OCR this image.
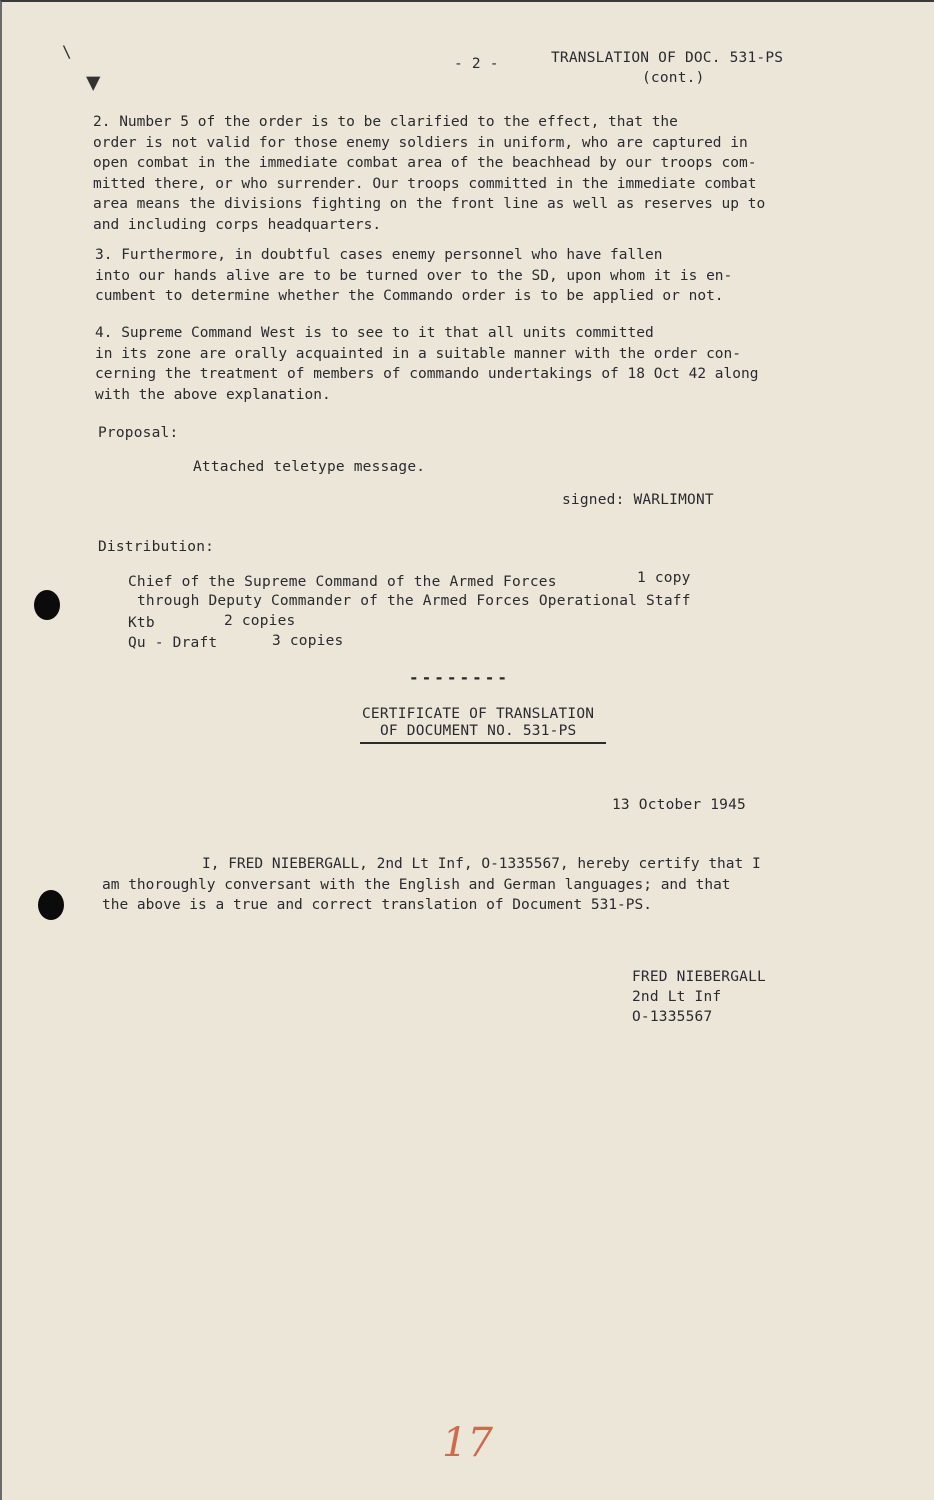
\
▼
- 2 -	TRANSLATION OF DOC. 531-PS
(cont.)
2. Number 5 of the order is to be clarified to the effect, that the
order is not valid for those enemy soldiers in uniform, who are captured in
open combat in the immediate combat area of the beachhead by our troops com-
mitted there, or who surrender. Our troops committed in the immediate combat
area means the divisions fighting on the front line as well as reserves up to
and including corps headquarters.
3. Furthermore, in doubtful cases enemy personnel who have fallen
into our hands alive are to be turned over to the SD, upon whom it is en-
cumbent to determine whether the Commando order is to be applied or not.
4. Supreme Command West is to see to it that all units committed
in its zone are orally acquainted in a suitable manner with the order con-
cerning the treatment of members of commando undertakings of 18 Oct 42 along
with the above explanation.
Proposal:
Attached teletype message.
signed: WARLIMONT
Distribution:
Chief of the Supreme Command of the Armed Forces	1 copy
through Deputy Commander of the Armed Forces Operational Staff
Ktb	2 copies
Qu - Draft	3 copies
--------
CERTIFICATE OF TRANSLATION
OF DOCUMENT NO. 531-PS
13 October 1945
I, FRED NIEBERGALL, 2nd Lt Inf, O-1335567, hereby certify that I
am thoroughly conversant with the English and German languages; and that
the above is a true and correct translation of Document 531-PS.
FRED NIEBERGALL
2nd Lt Inf
O-1335567
17
